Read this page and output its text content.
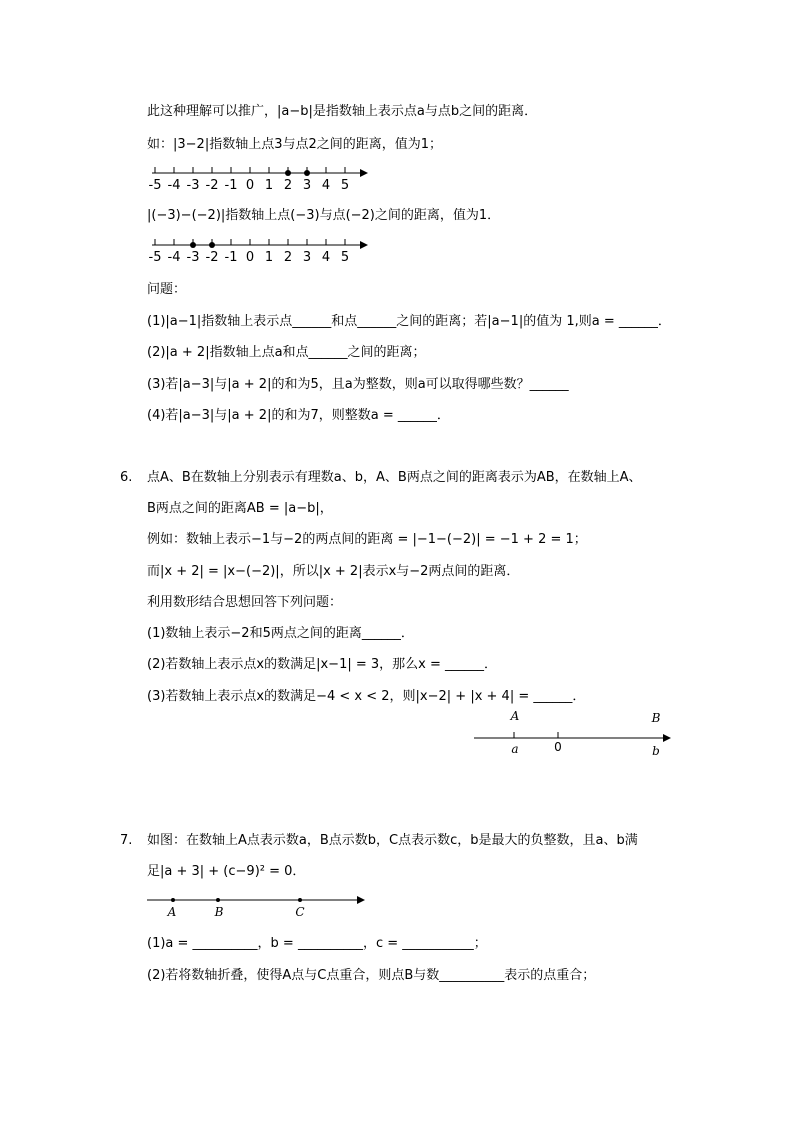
此这种理解可以推广，|a−b|是指数轴上表示点a与点b之间的距离．
如：|3−2|指数轴上点3与点2之间的距离，值为1；
-5 -4 -3 -2 -1 0 1 2 3 4 5
|(−3)−(−2)|指数轴上点(−3)与点(−2)之间的距离，值为1．
-5 -4 -3 -2 -1 0 1 2 3 4 5
问题：
(1)|a−1|指数轴上表示点______和点______之间的距离；若|a−1|的值为 1,则a = ______．
(2)|a + 2|指数轴上点a和点______之间的距离；
(3)若|a−3|与|a + 2|的和为5，且a为整数，则a可以取得哪些数？______
(4)若|a−3|与|a + 2|的和为7，则整数a = ______．
6. 点A、B在数轴上分别表示有理数a、b，A、B两点之间的距离表示为AB，在数轴上A、
B两点之间的距离AB = |a−b|，
例如：数轴上表示−1与−2的两点间的距离 = |−1−(−2)| = −1 + 2 = 1；
而|x + 2| = |x−(−2)|，所以|x + 2|表示x与−2两点间的距离．
利用数形结合思想回答下列问题：
(1)数轴上表示−2和5两点之间的距离______．
(2)若数轴上表示点x的数满足|x−1| = 3，那么x = ______．
(3)若数轴上表示点x的数满足−4 < x < 2，则|x−2| + |x + 4| = ______．
A	B
a	0	b
7. 如图：在数轴上A点表示数a，B点示数b，C点表示数c，b是最大的负整数，且a、b满
足|a + 3| + (c−9)² = 0．
A	B	C
(1)a = __________，b = __________，c = ___________；
(2)若将数轴折叠，使得A点与C点重合，则点B与数__________表示的点重合；
